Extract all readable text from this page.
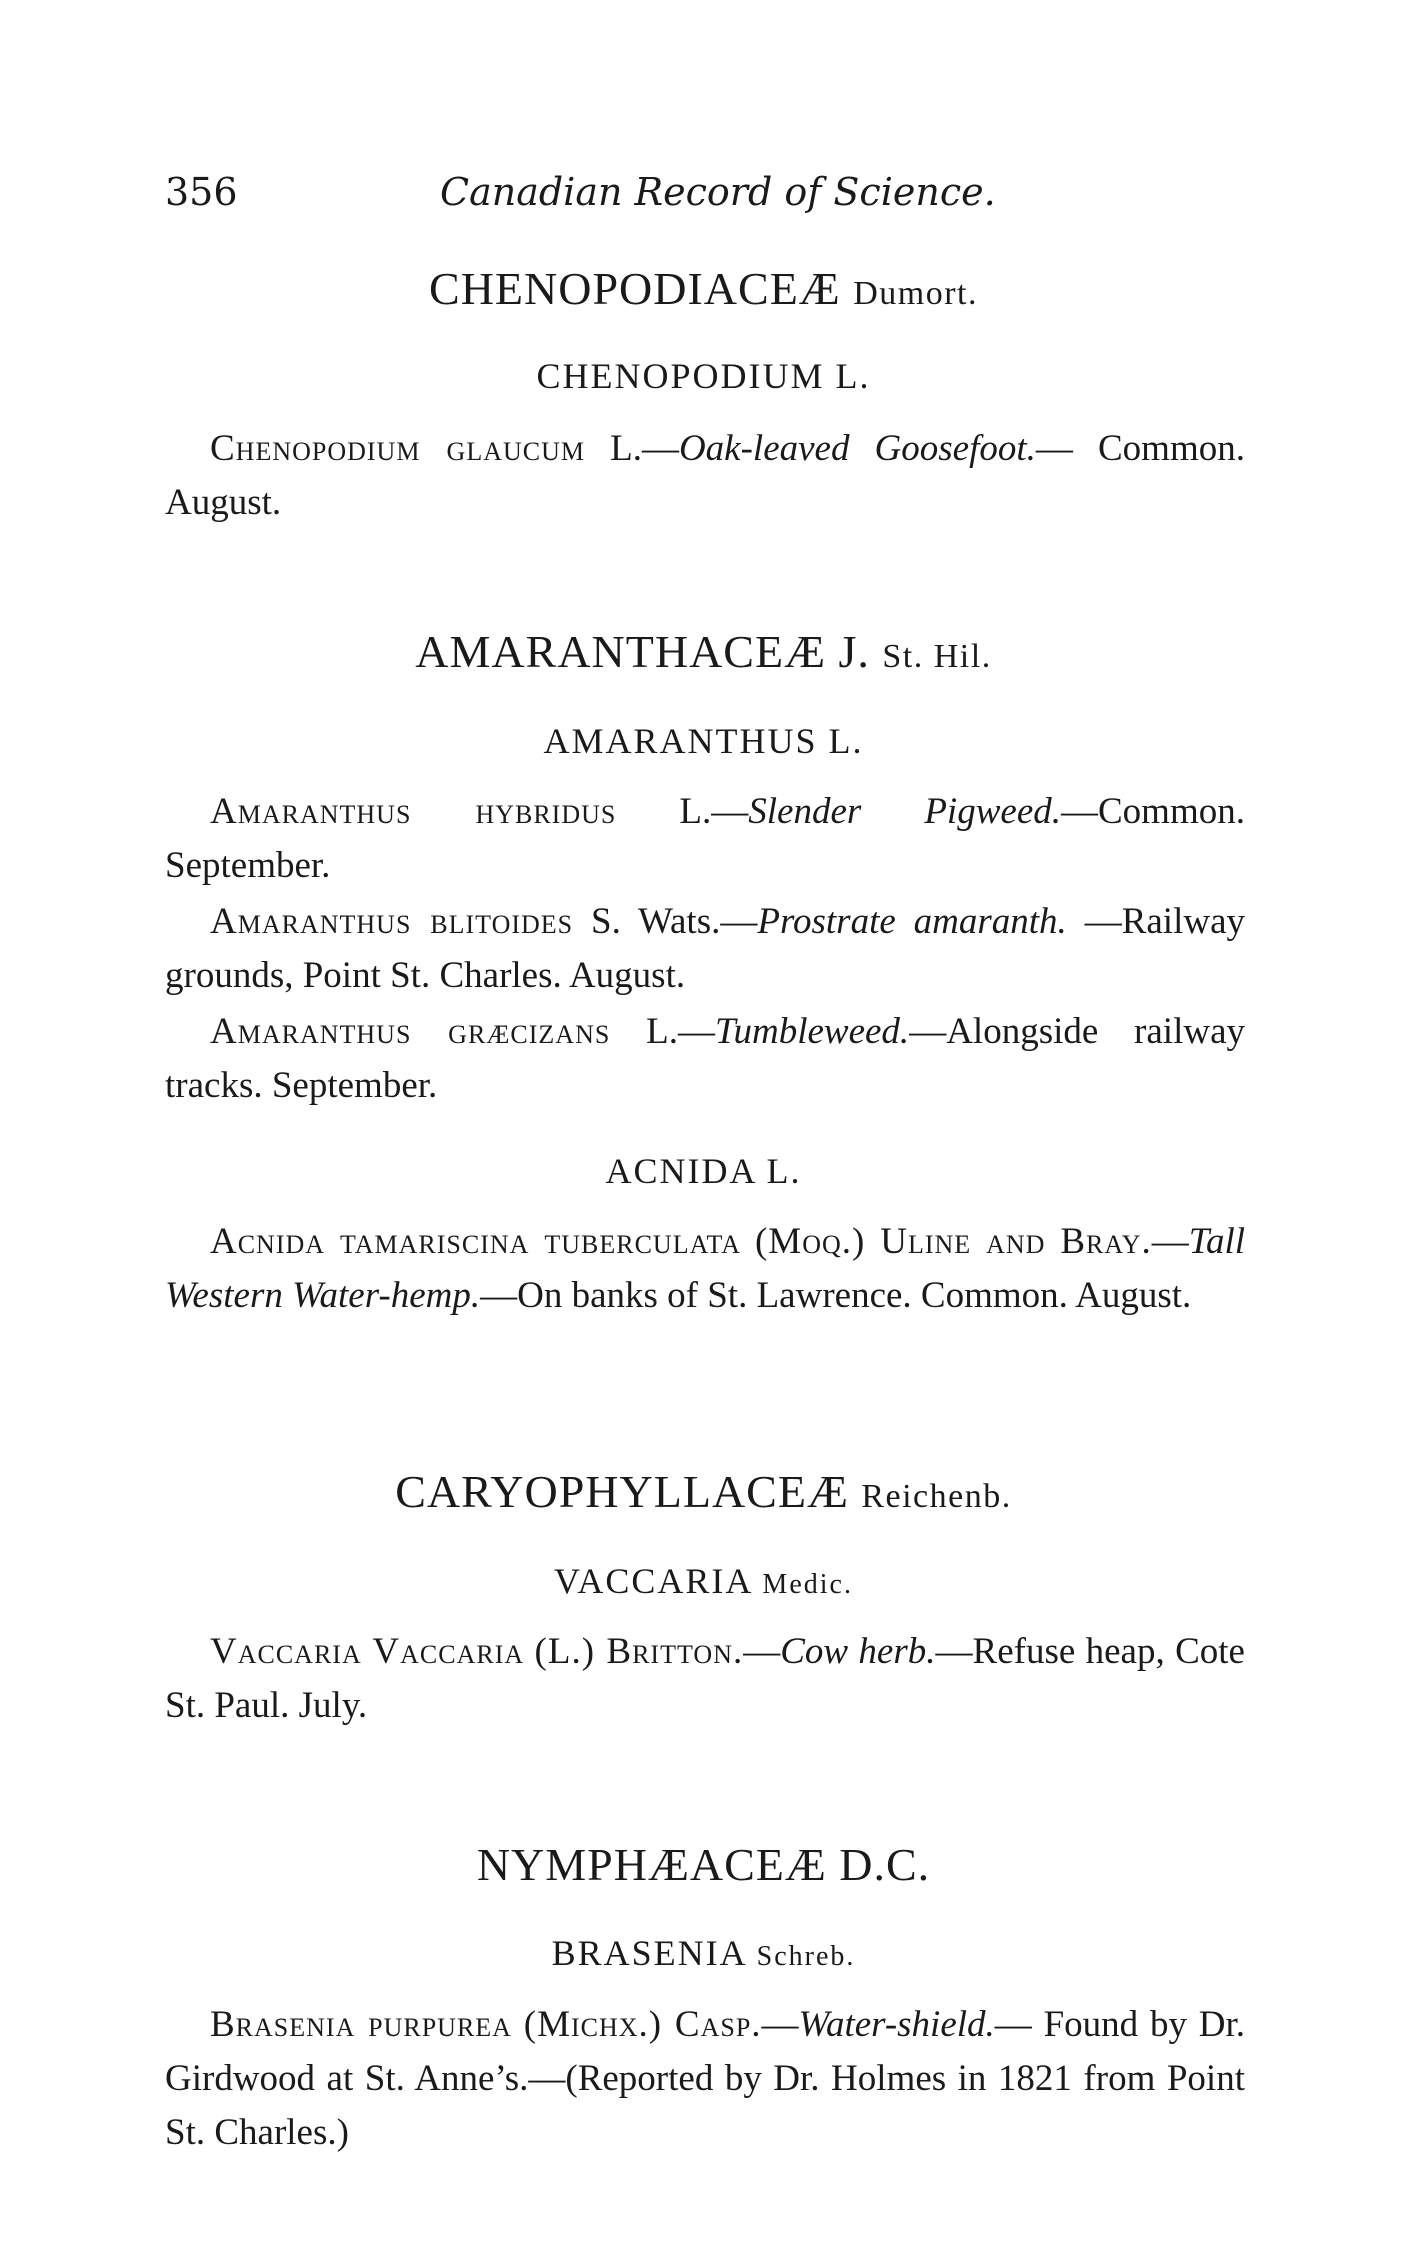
356	Canadian Record of Science.
CHENOPODIACEÆ Dumort.
CHENOPODIUM L.
Chenopodium glaucum L.—Oak-leaved Goosefoot.— Common. August.
AMARANTHACEÆ J. St. Hil.
AMARANTHUS L.
Amaranthus hybridus L.—Slender Pigweed.—Common. September.
Amaranthus blitoides S. Wats.—Prostrate amaranth. —Railway grounds, Point St. Charles. August.
Amaranthus græcizans L.—Tumbleweed.—Alongside railway tracks. September.
ACNIDA L.
Acnida tamariscina tuberculata (Moq.) Uline and Bray.—Tall Western Water-hemp.—On banks of St. Lawrence. Common. August.
CARYOPHYLLACEÆ Reichenb.
VACCARIA Medic.
Vaccaria Vaccaria (L.) Britton.—Cow herb.—Refuse heap, Cote St. Paul. July.
NYMPHÆACEÆ D.C.
BRASENIA Schreb.
Brasenia purpurea (Michx.) Casp.—Water-shield.— Found by Dr. Girdwood at St. Anne’s.—(Reported by Dr. Holmes in 1821 from Point St. Charles.)
